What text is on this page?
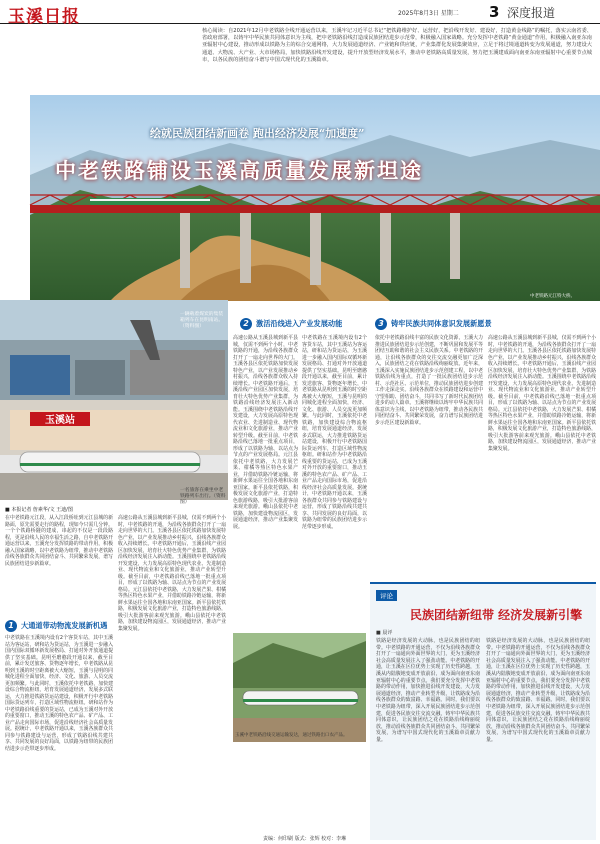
玉溪日报	2025年8月3日 星期二 3 深度报道
核心阅读：自2021年12月中老铁路全线开通运营以来，玉溪牢记习近平总书记“把铁路维护好、运营好，把沿线开发好、建设好，打造黄金线路”的嘱托，落实云南省委、省政府部署，以铸牢中华民族共同体意识为主线，把中老铁路沿线打造成民族团结进步示范带，积极融入国家战略。充分发挥中老铁路“黄金通道”作用，积极融入南亚东南亚辐射中心建设，推动形成以铁路为主的综合交通网络，大力发展通道经济、产业链和供应链，产业集群化发展集聚效应，立足于将过境通道转变为发展通道，努力建设大通道、大物流、大产业、大市场格局，加快铁路沿线开发建设，提升开放型经济发展水平，推动中老铁路高质量发展，努力把玉溪建成面向南亚东南亚辐射中心重要节点城市，以各民族的团结奋斗谱写中国式现代化的玉溪篇章。
绘就民族团结新画卷 跑出经济发展“加速度”
中老铁路铺设玉溪高质量发展新坦途
中老铁路元江特大桥。
玉溪站
一辆载着煤炭的集装箱列车在昆明南站。（资料图）
一名旅客在乘坐中老铁路列车出行。（资料图）
■ 本报记者 詹素华/文 王迪/图
在中老铁路元江段，从入江段桥址到元江县城的新路面，原先需要走行的路程，现如今只需几分钟。一个个铁路桥隧的建成，串起的不仅是一段段路程，更是沿线人民的幸福生活之路，自中老铁路开通运营以来，玉溪充分发挥铁路的带动作用，积极融入国家战略，以中老铁路为纽带，推动中老铁路沿线各族群众共同团结奋斗、共同繁荣发展，谱写民族团结进步新篇章。
1	大通道带动物流发展新机遇
中老铁路在玉溪境内设有2个客货车站，其中玉溪站为客运站，研和站为货运站，为玉溪进一步融入国内国际双循环新发展格局、打通对外开放通道提供了坚实基础。昆明至磨憨段开通以来，截至目前，累计发送旅客、货物逐年增长，中老铁路从昆明到玉溪的时空距离被大大缩短，玉溪与昆明的同城化进程全面加快，经济、文化、旅游、人员交流更加频繁。与此同时，玉溪依托中老铁路，加快建设综合物流枢纽，培育发展通道经济，发展多式联运，大力推进铁路货运站建设，积极开行中老铁路国际货运列车，打造区域性物流枢纽。研和站作为中老铁路沿线重要的货运站，已成为玉溪对外开放的重要窗口，推动玉溪的特色农产品、矿产品、工业产品走向国际市场，促进沿线经济社会高质量发展。据统计，中老铁路开通以来，玉溪各族群众共同参与铁路建设与运营，形成了铁路沿线共建共享、共同发展的良好局面，以铁路为纽带的民族团结进步示范带逐步形成。
高速公路从玉溪县城到新平县城，仅需不到两个小时，中老铁路的开通，为沿线各族群众打开了一扇走向世界的大门。玉溪各县区依托铁路加快发展特色产业，以产业发展推动乡村振兴，沿线各族群众收入持续增长。中老铁路开通后，玉溪沿线产业园区加快发展，培育壮大特色优势产业集群，为铁路沿线经济发展注入新动能。玉溪围绕中老铁路沿线开发建设，大力发展高原特色现代农业、先进制造业、现代物流业和文化旅游业，推动产业转型升级。截至目前，中老铁路沿线已落地一批重点项目，形成了以铁路为轴、以站点为节点的产业发展格局。元江县依托中老铁路，大力发展芒果、柑橘等热区特色水果产业，并借助铁路冷链运输，将新鲜水果运往全国各地和东南亚国家。新平县依托铁路，积极发展文化旅游产业，打造特色旅游线路，吸引大批游客前来观光旅游。峨山县依托中老铁路，加快建设物流园区，发展通道经济，推动产业集聚发展。
2	激活沿线进入产业发展动能
高速公路从玉溪县城到新平县城，仅需不到两个小时，中老铁路的开通，为沿线各族群众打开了一扇走向世界的大门。玉溪各县区依托铁路加快发展特色产业，以产业发展推动乡村振兴，沿线各族群众收入持续增长。中老铁路开通后，玉溪沿线产业园区加快发展，培育壮大特色优势产业集群，为铁路沿线经济发展注入新动能。玉溪围绕中老铁路沿线开发建设，大力发展高原特色现代农业、先进制造业、现代物流业和文化旅游业，推动产业转型升级。截至目前，中老铁路沿线已落地一批重点项目，形成了以铁路为轴、以站点为节点的产业发展格局。元江县依托中老铁路，大力发展芒果、柑橘等热区特色水果产业，并借助铁路冷链运输，将新鲜水果运往全国各地和东南亚国家。新平县依托铁路，积极发展文化旅游产业，打造特色旅游线路，吸引大批游客前来观光旅游。峨山县依托中老铁路，加快建设物流园区，发展通道经济，推动产业集聚发展。
中老铁路在玉溪境内设有2个客货车站，其中玉溪站为客运站，研和站为货运站，为玉溪进一步融入国内国际双循环新发展格局、打通对外开放通道提供了坚实基础。昆明至磨憨段开通以来，截至目前，累计发送旅客、货物逐年增长，中老铁路从昆明到玉溪的时空距离被大大缩短，玉溪与昆明的同城化进程全面加快，经济、文化、旅游、人员交流更加频繁。与此同时，玉溪依托中老铁路，加快建设综合物流枢纽，培育发展通道经济，发展多式联运，大力推进铁路货运站建设，积极开行中老铁路国际货运列车，打造区域性物流枢纽。研和站作为中老铁路沿线重要的货运站，已成为玉溪对外开放的重要窗口，推动玉溪的特色农产品、矿产品、工业产品走向国际市场，促进沿线经济社会高质量发展。据统计，中老铁路开通以来，玉溪各族群众共同参与铁路建设与运营，形成了铁路沿线共建共享、共同发展的良好局面，以铁路为纽带的民族团结进步示范带逐步形成。
玉溪中老铁路沿线交通运输发达，通过铁路出口农产品。
3	铸牢民族共同体意识发展新愿景
依托中老铁路沿线丰富的民族文化资源，玉溪大力推进民族团结进步示范创建，不断巩固和发展平等团结互助和谐的社会主义民族关系。中老铁路的开通，让沿线各族群众的交往交流交融更加广泛深入，民族团结之花在铁路沿线绚丽绽放。近年来，玉溪深入实施民族团结进步示范创建工程，以中老铁路沿线为重点，打造了一批民族团结进步示范村、示范社区、示范单位，推动民族团结进步创建工作走深走实。沿线各族群众在铁路建设和运营中守望相助、团结奋斗，共同书写了新时代民族团结进步的动人篇章。玉溪将继续以铸牢中华民族共同体意识为主线，以中老铁路为纽带，推动各民族共同团结奋斗、共同繁荣发展，奋力谱写民族团结进步示范区建设新篇章。
高速公路从玉溪县城到新平县城，仅需不到两个小时，中老铁路的开通，为沿线各族群众打开了一扇走向世界的大门。玉溪各县区依托铁路加快发展特色产业，以产业发展推动乡村振兴，沿线各族群众收入持续增长。中老铁路开通后，玉溪沿线产业园区加快发展，培育壮大特色优势产业集群，为铁路沿线经济发展注入新动能。玉溪围绕中老铁路沿线开发建设，大力发展高原特色现代农业、先进制造业、现代物流业和文化旅游业，推动产业转型升级。截至目前，中老铁路沿线已落地一批重点项目，形成了以铁路为轴、以站点为节点的产业发展格局。元江县依托中老铁路，大力发展芒果、柑橘等热区特色水果产业，并借助铁路冷链运输，将新鲜水果运往全国各地和东南亚国家。新平县依托铁路，积极发展文化旅游产业，打造特色旅游线路，吸引大批游客前来观光旅游。峨山县依托中老铁路，加快建设物流园区，发展通道经济，推动产业集聚发展。
评论
民族团结新纽带 经济发展新引擎
■ 晨评
铁路是经济发展的大动脉，也是民族团结的纽带。中老铁路的开通运营，不仅为沿线各族群众打开了一扇通向外面世界的大门，更为玉溪经济社会高质量发展注入了强劲动能。中老铁路的开通，让玉溪在区位优势上实现了历史性跨越，玉溪从内陆腹地变成开放前沿，成为面向南亚东南亚辐射中心的重要节点。我们要充分发挥中老铁路的带动作用，加快推进沿线开发建设，大力发展通道经济，推动产业转型升级，让铁路成为沿线各族群众的致富路、幸福路。同时，我们要以中老铁路为纽带，深入开展民族团结进步示范创建，促进各民族交往交流交融，铸牢中华民族共同体意识，让民族团结之花在铁路沿线绚丽绽放，推动沿线各族群众共同团结奋斗、共同繁荣发展，为谱写中国式现代化的玉溪篇章贡献力量。
铁路是经济发展的大动脉，也是民族团结的纽带。中老铁路的开通运营，不仅为沿线各族群众打开了一扇通向外面世界的大门，更为玉溪经济社会高质量发展注入了强劲动能。中老铁路的开通，让玉溪在区位优势上实现了历史性跨越，玉溪从内陆腹地变成开放前沿，成为面向南亚东南亚辐射中心的重要节点。我们要充分发挥中老铁路的带动作用，加快推进沿线开发建设，大力发展通道经济，推动产业转型升级，让铁路成为沿线各族群众的致富路、幸福路。同时，我们要以中老铁路为纽带，深入开展民族团结进步示范创建，促进各民族交往交流交融，铸牢中华民族共同体意识，让民族团结之花在铁路沿线绚丽绽放，推动沿线各族群众共同团结奋斗、共同繁荣发展，为谱写中国式现代化的玉溪篇章贡献力量。
责编：何印刷 版式：张辉 校对：李琳
